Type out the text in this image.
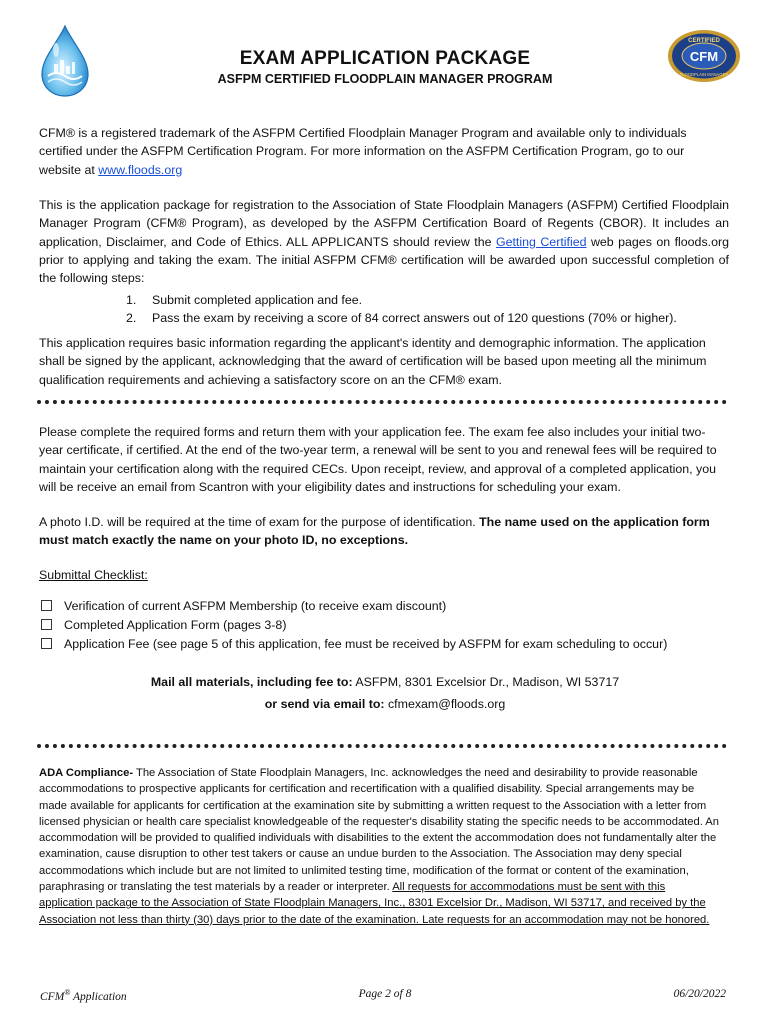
CERTIFIED
CFM
FLOODPLAIN MANAGER
EXAM APPLICATION PACKAGE
ASFPM CERTIFIED FLOODPLAIN MANAGER PROGRAM
CFM® is a registered trademark of the ASFPM Certified Floodplain Manager Program and available only to individuals certified under the ASFPM Certification Program. For more information on the ASFPM Certification Program, go to our website at www.floods.org
This is the application package for registration to the Association of State Floodplain Managers (ASFPM) Certified Floodplain Manager Program (CFM® Program), as developed by the ASFPM Certification Board of Regents (CBOR). It includes an application, Disclaimer, and Code of Ethics. ALL APPLICANTS should review the Getting Certified web pages on floods.org prior to applying and taking the exam. The initial ASFPM CFM® certification will be awarded upon successful completion of the following steps:
1.	Submit completed application and fee.
2.	Pass the exam by receiving a score of 84 correct answers out of 120 questions (70% or higher).
This application requires basic information regarding the applicant's identity and demographic information. The application shall be signed by the applicant, acknowledging that the award of certification will be based upon meeting all the minimum qualification requirements and achieving a satisfactory score on an the CFM® exam.
Please complete the required forms and return them with your application fee. The exam fee also includes your initial two-year certificate, if certified. At the end of the two-year term, a renewal will be sent to you and renewal fees will be required to maintain your certification along with the required CECs. Upon receipt, review, and approval of a completed application, you will be receive an email from Scantron with your eligibility dates and instructions for scheduling your exam.
A photo I.D. will be required at the time of exam for the purpose of identification. The name used on the application form must match exactly the name on your photo ID, no exceptions.
Submittal Checklist:
Verification of current ASFPM Membership (to receive exam discount)
Completed Application Form (pages 3-8)
Application Fee (see page 5 of this application, fee must be received by ASFPM for exam scheduling to occur)
Mail all materials, including fee to: ASFPM, 8301 Excelsior Dr., Madison, WI 53717
or send via email to: cfmexam@floods.org
ADA Compliance- The Association of State Floodplain Managers, Inc. acknowledges the need and desirability to provide reasonable accommodations to prospective applicants for certification and recertification with a qualified disability. Special arrangements may be made available for applicants for certification at the examination site by submitting a written request to the Association with a letter from licensed physician or health care specialist knowledgeable of the requester's disability stating the specific needs to be accommodated. An accommodation will be provided to qualified individuals with disabilities to the extent the accommodation does not fundamentally alter the examination, cause disruption to other test takers or cause an undue burden to the Association. The Association may deny special accommodations which include but are not limited to unlimited testing time, modification of the format or content of the examination, paraphrasing or translating the test materials by a reader or interpreter. All requests for accommodations must be sent with this application package to the Association of State Floodplain Managers, Inc., 8301 Excelsior Dr., Madison, WI 53717, and received by the Association not less than thirty (30) days prior to the date of the examination. Late requests for an accommodation may not be honored.
CFM® Application	Page 2 of 8	06/20/2022
